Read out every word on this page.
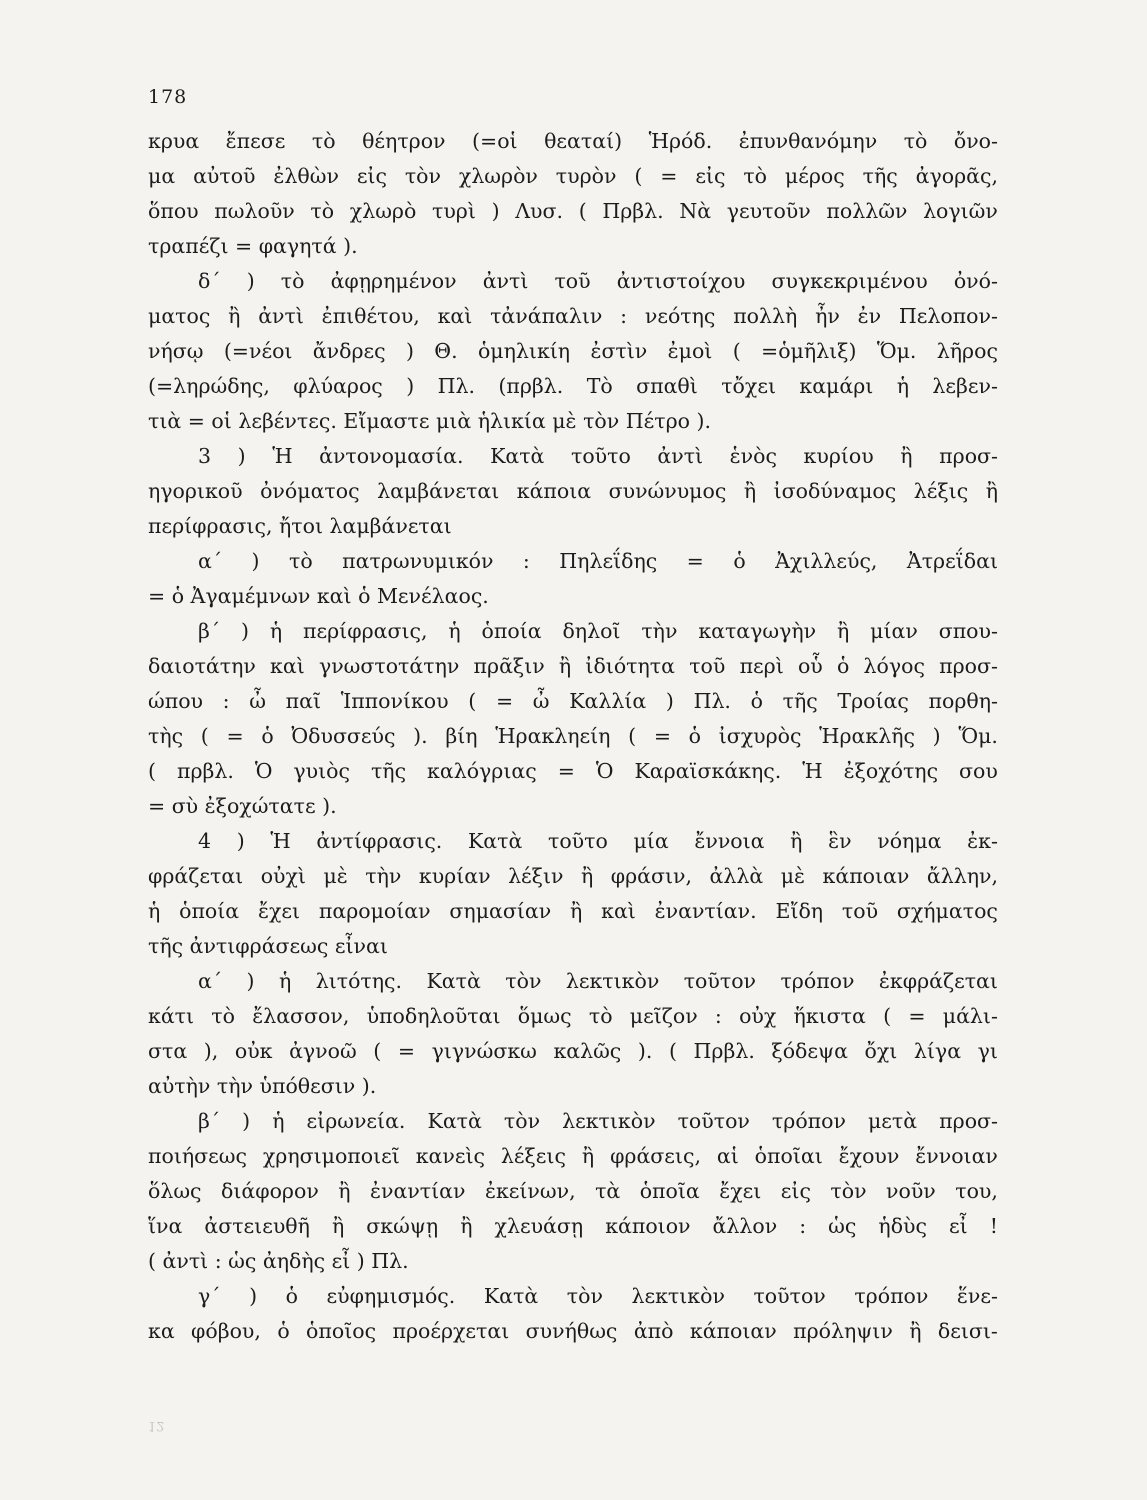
178
κρυα ἔπεσε τὸ θέητρον (=οἱ θεαταί) Ἡρόδ. ἐπυνθανόμην τὸ ὄνο-
μα αὐτοῦ ἐλθὼν εἰς τὸν χλωρὸν τυρὸν ( = εἰς τὸ μέρος τῆς ἀγορᾶς,
ὅπου πωλοῦν τὸ χλωρὸ τυρὶ ) Λυσ. ( Πρβλ. Νὰ γευτοῦν πολλῶν λογιῶν
τραπέζι = φαγητά ).
δ΄ ) τὸ ἀφῃρημένον ἀντὶ τοῦ ἀντιστοίχου συγκεκριμένου ὀνό-
ματος ἢ ἀντὶ ἐπιθέτου, καὶ τἀνάπαλιν : νεότης πολλὴ ἦν ἐν Πελοπον-
νήσῳ (=νέοι ἄνδρες ) Θ. ὁμηλικίη ἐστὶν ἐμοὶ ( =ὁμῆλιξ) Ὅμ. λῆρος
(=ληρώδης, φλύαρος ) Πλ. (πρβλ. Τὸ σπαθὶ τὄχει καμάρι ἡ λεβεν-
τιὰ = οἱ λεβέντες. Εἴμαστε μιὰ ἡλικία μὲ τὸν Πέτρο ).
3 ) Ἡ ἀντονομασία. Κατὰ τοῦτο ἀντὶ ἑνὸς κυρίου ἢ προσ-
ηγορικοῦ ὀνόματος λαμβάνεται κάποια συνώνυμος ἢ ἰσοδύναμος λέξις ἢ
περίφρασις, ἤτοι λαμβάνεται
α΄ ) τὸ πατρωνυμικόν : Πηλεΐδης = ὁ Ἀχιλλεύς, Ἀτρεΐδαι
= ὁ Ἀγαμέμνων καὶ ὁ Μενέλαος.
β΄ ) ἡ περίφρασις, ἡ ὁποία δηλοῖ τὴν καταγωγὴν ἢ μίαν σπου-
δαιοτάτην καὶ γνωστοτάτην πρᾶξιν ἢ ἰδιότητα τοῦ περὶ οὗ ὁ λόγος προσ-
ώπου : ὦ παῖ Ἱππονίκου ( = ὦ Καλλία ) Πλ. ὁ τῆς Τροίας πορθη-
τὴς ( = ὁ Ὀδυσσεύς ). βίη Ἡρακληείη ( = ὁ ἰσχυρὸς Ἡρακλῆς ) Ὅμ.
( πρβλ. Ὁ γυιὸς τῆς καλόγριας = Ὁ Καραϊσκάκης. Ἡ ἐξοχότης σου
= σὺ ἐξοχώτατε ).
4 ) Ἡ ἀντίφρασις. Κατὰ τοῦτο μία ἔννοια ἢ ἓν νόημα ἐκ-
φράζεται οὐχὶ μὲ τὴν κυρίαν λέξιν ἢ φράσιν, ἀλλὰ μὲ κάποιαν ἄλλην,
ἡ ὁποία ἔχει παρομοίαν σημασίαν ἢ καὶ ἐναντίαν. Εἴδη τοῦ σχήματος
τῆς ἀντιφράσεως εἶναι
α΄ ) ἡ λιτότης. Κατὰ τὸν λεκτικὸν τοῦτον τρόπον ἐκφράζεται
κάτι τὸ ἔλασσον, ὑποδηλοῦται ὅμως τὸ μεῖζον : οὐχ ἥκιστα ( = μάλι-
στα ), οὐκ ἀγνοῶ ( = γιγνώσκω καλῶς ). ( Πρβλ. ξόδεψα ὄχι λίγα γι
αὐτὴν τὴν ὑπόθεσιν ).
β΄ ) ἡ εἰρωνεία. Κατὰ τὸν λεκτικὸν τοῦτον τρόπον μετὰ προσ-
ποιήσεως χρησιμοποιεῖ κανεὶς λέξεις ἢ φράσεις, αἱ ὁποῖαι ἔχουν ἔννοιαν
ὅλως διάφορον ἢ ἐναντίαν ἐκείνων, τὰ ὁποῖα ἔχει εἰς τὸν νοῦν του,
ἵνα ἀστειευθῆ ἢ σκώψῃ ἢ χλευάσῃ κάποιον ἄλλον : ὡς ἡδὺς εἶ !
( ἀντὶ : ὡς ἀηδὴς εἶ ) Πλ.
γ΄ ) ὁ εὐφημισμός. Κατὰ τὸν λεκτικὸν τοῦτον τρόπον ἕνε-
κα φόβου, ὁ ὁποῖος προέρχεται συνήθως ἀπὸ κάποιαν πρόληψιν ἢ δεισι-
12
